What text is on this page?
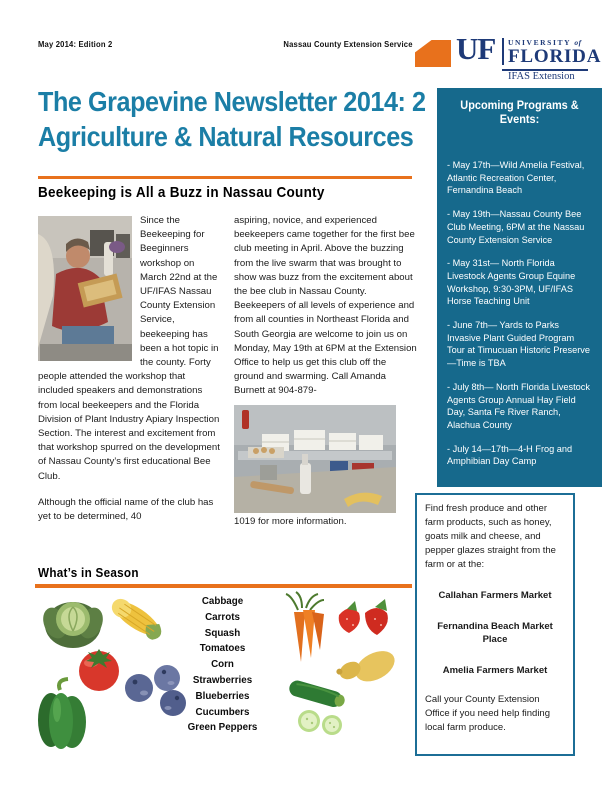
May 2014: Edition 2	Nassau County Extension Service UF UNIVERSITY of
FLORIDA
IFAS Extension
The Grapevine Newsletter 2014: 2
Agriculture & Natural Resources
Beekeeping is All a Buzz in Nassau County

Since the Beekeeping for Beeginners workshop on March 22nd at the UF/IFAS Nassau County Extension Service, beekeeping has been a hot topic in the county. Forty people attended the workshop that included speakers and demonstrations from local beekeepers and the Florida Division of Plant Industry Apiary Inspection Section. The interest and excitement from that workshop spurred on the development of Nassau County’s first educational Bee Club.

Although the official name of the club has yet to be determined, 40

aspiring, novice, and experienced beekeepers came together for the first bee club meeting in April. Above the buzzing from the live swarm that was brought to show was buzz from the excitement about the bee club in Nassau County. Beekeepers of all levels of experience and from all counties in Northeast Florida and South Georgia are welcome to join us on Monday, May 19th at 6PM at the Extension Office to help us get this club off the ground and swarming. Call Amanda Burnett at 904-879-

1019 for more information.
Upcoming Programs & Events:
- May 17th—Wild Amelia Festival, Atlantic Recreation Center, Fernandina Beach
- May 19th—Nassau County Bee Club Meeting, 6PM at the Nassau County Extension Service
- May 31st— North Florida Livestock Agents Group Equine Workshop, 9:30-3PM, UF/IFAS Horse Teaching Unit
- June 7th— Yards to Parks Invasive Plant Guided Program Tour at Timucuan Historic Preserve—Time is TBA
- July 8th— North Florida Livestock Agents Group Annual Hay Field Day, Santa Fe River Ranch, Alachua County
- July 14—17th—4-H Frog and Amphibian Day Camp
Find fresh produce and other farm products, such as honey, goats milk and cheese, and pepper glazes straight from the farm or at the:
Callahan Farmers Market
Fernandina Beach Market Place
Amelia Farmers Market
Call your County Extension Office if you need help finding local farm produce.
What’s in Season
Cabbage
Carrots
Squash
Tomatoes
Corn
Strawberries
Blueberries
Cucumbers
Green Peppers
